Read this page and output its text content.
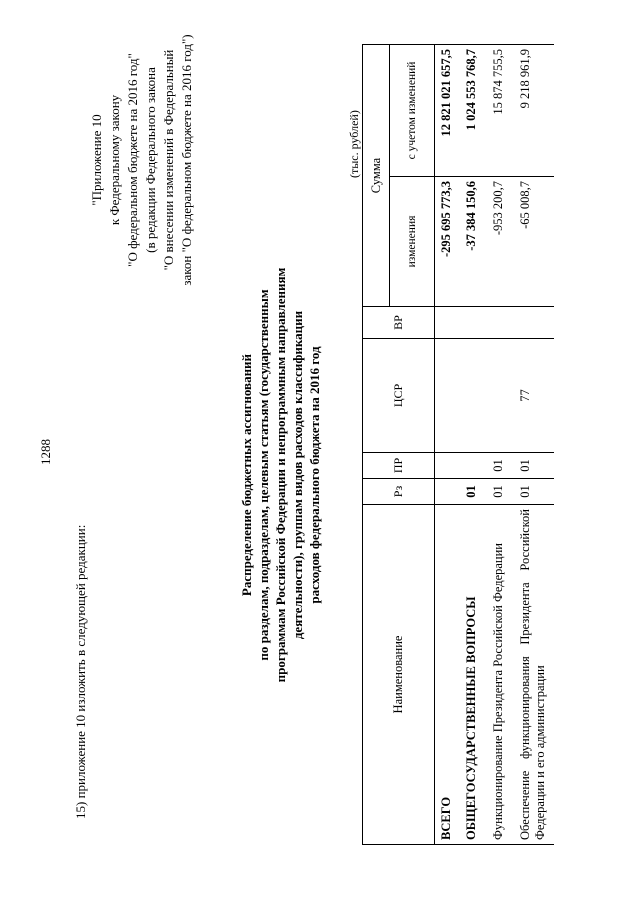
1288
15) приложение 10 изложить в следующей редакции:
"Приложение 10 к Федеральному закону "О федеральном бюджете на 2016 год" (в редакции Федерального закона "О внесении изменений в Федеральный закон "О федеральном бюджете на 2016 год")
Распределение бюджетных ассигнований по разделам, подразделам, целевым статьям (государственным программам Российской Федерации и непрограммным направлениям деятельности), группам видов расходов классификации расходов федерального бюджета на 2016 год
(тыс. рублей)
Наименование	Рз	ПР	ЦСР	ВР	Сумма	
					изменения	с учетом изменений
ВСЕГО					-295 695 773,3	12 821 021 657,5
ОБЩЕГОСУДАРСТВЕННЫЕ ВОПРОСЫ	01				-37 384 150,6	1 024 553 768,7
Функционирование Президента Российской Федерации	01	01			-953 200,7	15 874 755,5
Обеспечение функционирования Президента Российской Федерации и его администрации	01	01	77		-65 008,7	9 218 961,9
